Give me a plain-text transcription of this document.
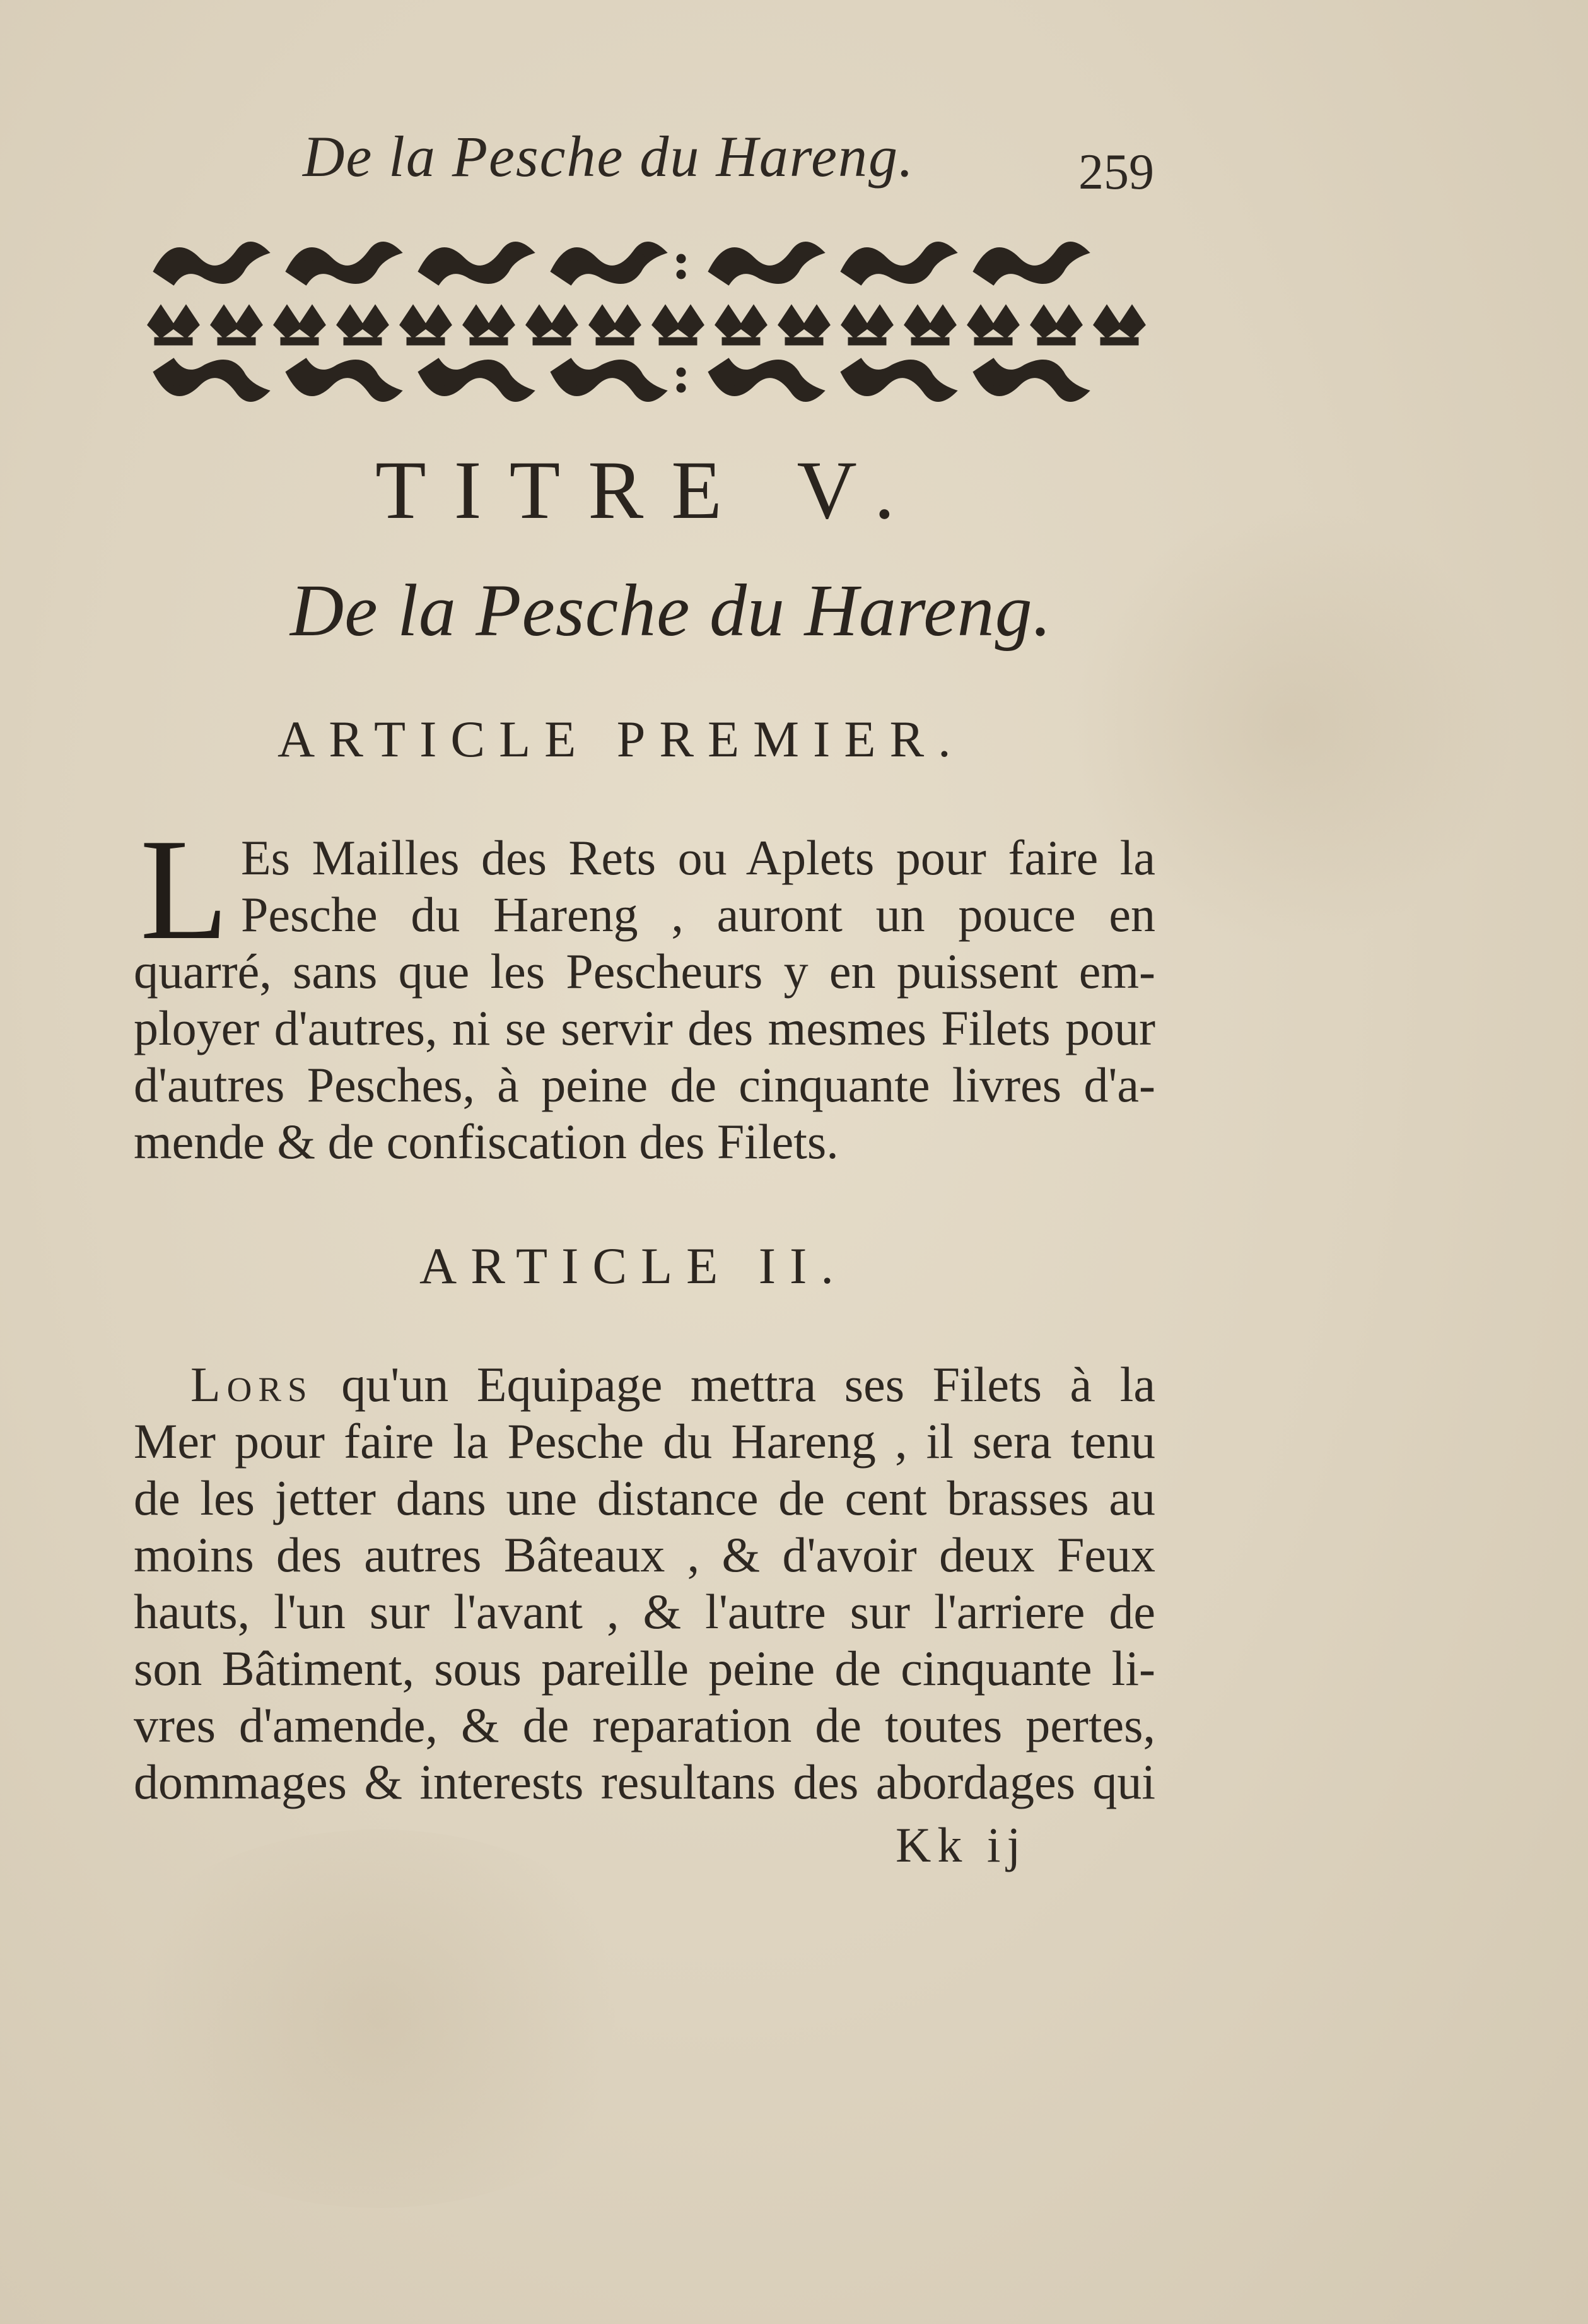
De la Pesche du Hareng.	259
TITRE V.
De la Pesche du Hareng.
ARTICLE PREMIER.
L Es Mailles des Rets ou Aplets pour faire la
Pesche du Hareng , auront un pouce en
quarré, sans que les Pescheurs y en puissent em-
ployer d'autres, ni se servir des mesmes Filets pour
d'autres Pesches, à peine de cinquante livres d'a-
mende & de confiscation des Filets.
ARTICLE II.
Lors qu'un Equipage mettra ses Filets à la
Mer pour faire la Pesche du Hareng , il sera tenu
de les jetter dans une distance de cent brasses au
moins des autres Bâteaux , & d'avoir deux Feux
hauts, l'un sur l'avant , & l'autre sur l'arriere de
son Bâtiment, sous pareille peine de cinquante li-
vres d'amende, & de reparation de toutes pertes,
dommages & interests resultans des abordages qui
Kk ij
